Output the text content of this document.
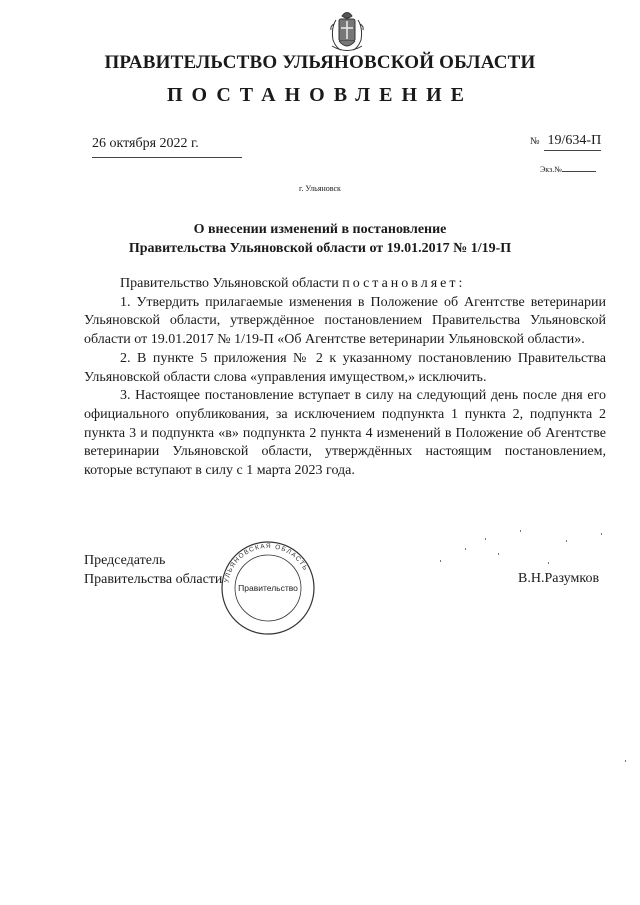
ПРАВИТЕЛЬСТВО УЛЬЯНОВСКОЙ ОБЛАСТИ
ПОСТАНОВЛЕНИЕ
26 октября 2022 г.	№ 19/634-П
Экз.№
г. Ульяновск
О внесении изменений в постановление
Правительства Ульяновской области от 19.01.2017 № 1/19-П

Правительство Ульяновской области постановляет:

1. Утвердить прилагаемые изменения в Положение об Агентстве ветеринарии Ульяновской области, утверждённое постановлением Правительства Ульяновской области от 19.01.2017 № 1/19-П «Об Агентстве ветеринарии Ульяновской области».

2. В пункте 5 приложения № 2 к указанному постановлению Правительства Ульяновской области слова «управления имуществом,» исключить.

3. Настоящее постановление вступает в силу на следующий день после дня его официального опубликования, за исключением подпункта 1 пункта 2, подпункта 2 пункта 3 и подпункта «в» подпункта 2 пункта 4 изменений в Положение об Агентстве ветеринарии Ульяновской области, утверждённых настоящим постановлением, которые вступают в силу с 1 марта 2023 года.

Председатель
Правительства области УЛЬЯНОВСКАЯ ОБЛАСТЬ
Правительство
В.Н.Разумков
